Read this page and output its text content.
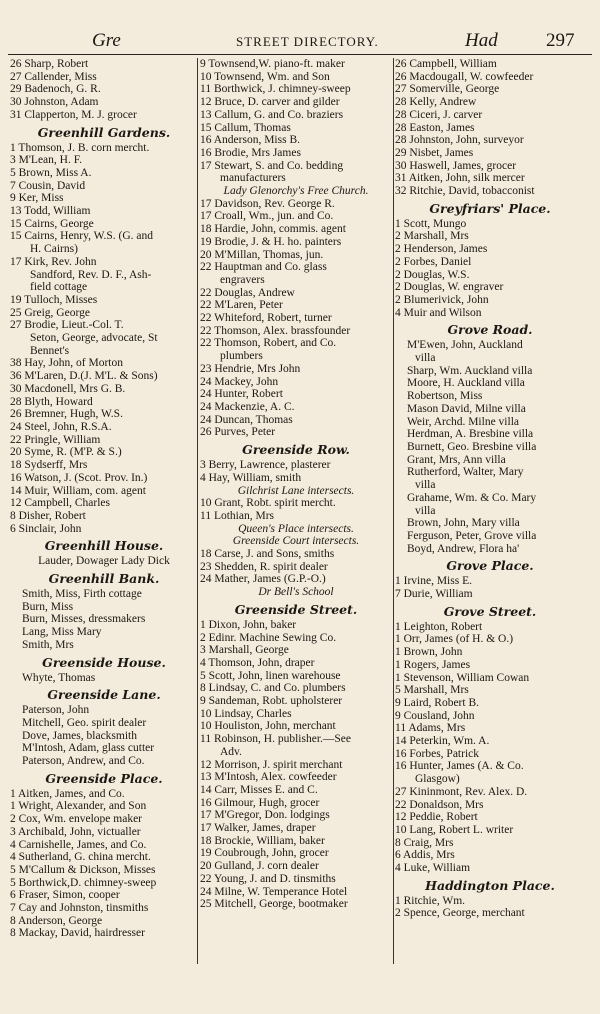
Gre	STREET DIRECTORY.	Had	297
26 Sharp, Robert
27 Callender, Miss
29 Badenoch, G. R.
30 Johnston, Adam
31 Clapperton, M. J. grocer
Greenhill Gardens.
1 Thomson, J. B. corn mercht.
3 M'Lean, H. F.
5 Brown, Miss A.
7 Cousin, David
9 Ker, Miss
13 Todd, William
15 Cairns, George
15 Cairns, Henry, W.S. (G. and
H. Cairns)
17 Kirk, Rev. John
Sandford, Rev. D. F., Ash-
field cottage
19 Tulloch, Misses
25 Greig, George
27 Brodie, Lieut.-Col. T.
Seton, George, advocate, St
Bennet's
38 Hay, John, of Morton
36 M'Laren, D.(J. M'L. & Sons)
30 Macdonell, Mrs G. B.
28 Blyth, Howard
26 Bremner, Hugh, W.S.
24 Steel, John, R.S.A.
22 Pringle, William
20 Syme, R. (M'P. & S.)
18 Sydserff, Mrs
16 Watson, J. (Scot. Prov. In.)
14 Muir, William, com. agent
12 Campbell, Charles
8 Disher, Robert
6 Sinclair, John
Greenhill House.
Lauder, Dowager Lady Dick
Greenhill Bank.
Smith, Miss, Firth cottage
Burn, Miss
Burn, Misses, dressmakers
Lang, Miss Mary
Smith, Mrs
Greenside House.
Whyte, Thomas
Greenside Lane.
Paterson, John
Mitchell, Geo. spirit dealer
Dove, James, blacksmith
M'Intosh, Adam, glass cutter
Paterson, Andrew, and Co.
Greenside Place.
1 Aitken, James, and Co.
1 Wright, Alexander, and Son
2 Cox, Wm. envelope maker
3 Archibald, John, victualler
4 Carnishelle, James, and Co.
4 Sutherland, G. china mercht.
5 M'Callum & Dickson, Misses
5 Borthwick,D. chimney-sweep
6 Fraser, Simon, cooper
7 Cay and Johnston, tinsmiths
8 Anderson, George
8 Mackay, David, hairdresser
9 Townsend,W. piano-ft. maker
10 Townsend, Wm. and Son
11 Borthwick, J. chimney-sweep
12 Bruce, D. carver and gilder
13 Callum, G. and Co. braziers
15 Callum, Thomas
16 Anderson, Miss B.
16 Brodie, Mrs James
17 Stewart, S. and Co. bedding
manufacturers
Lady Glenorchy's Free Church.
17 Davidson, Rev. George R.
17 Croall, Wm., jun. and Co.
18 Hardie, John, commis. agent
19 Brodie, J. & H. ho. painters
20 M'Millan, Thomas, jun.
22 Hauptman and Co. glass
engravers
22 Douglas, Andrew
22 M'Laren, Peter
22 Whiteford, Robert, turner
22 Thomson, Alex. brassfounder
22 Thomson, Robert, and Co.
plumbers
23 Hendrie, Mrs John
24 Mackey, John
24 Hunter, Robert
24 Mackenzie, A. C.
24 Duncan, Thomas
26 Purves, Peter
Greenside Row.
3 Berry, Lawrence, plasterer
4 Hay, William, smith
Gilchrist Lane intersects.
10 Grant, Robt. spirit mercht.
11 Lothian, Mrs
Queen's Place intersects.
Greenside Court intersects.
18 Carse, J. and Sons, smiths
23 Shedden, R. spirit dealer
24 Mather, James (G.P.-O.)
Dr Bell's School
Greenside Street.
1 Dixon, John, baker
2 Edinr. Machine Sewing Co.
3 Marshall, George
4 Thomson, John, draper
5 Scott, John, linen warehouse
8 Lindsay, C. and Co. plumbers
9 Sandeman, Robt. upholsterer
10 Lindsay, Charles
10 Houliston, John, merchant
11 Robinson, H. publisher.—See
Adv.
12 Morrison, J. spirit merchant
13 M'Intosh, Alex. cowfeeder
14 Carr, Misses E. and C.
16 Gilmour, Hugh, grocer
17 M'Gregor, Don. lodgings
17 Walker, James, draper
18 Brockie, William, baker
19 Coubrough, John, grocer
20 Gulland, J. corn dealer
22 Young, J. and D. tinsmiths
24 Milne, W. Temperance Hotel
25 Mitchell, George, bootmaker
26 Campbell, William
26 Macdougall, W. cowfeeder
27 Somerville, George
28 Kelly, Andrew
28 Ciceri, J. carver
28 Easton, James
28 Johnston, John, surveyor
29 Nisbet, James
30 Haswell, James, grocer
31 Aitken, John, silk mercer
32 Ritchie, David, tobacconist
Greyfriars' Place.
1 Scott, Mungo
2 Marshall, Mrs
2 Henderson, James
2 Forbes, Daniel
2 Douglas, W.S.
2 Douglas, W. engraver
2 Blumerivick, John
4 Muir and Wilson
Grove Road.
M'Ewen, John, Auckland
villa
Sharp, Wm. Auckland villa
Moore, H. Auckland villa
Robertson, Miss
Mason David, Milne villa
Weir, Archd. Milne villa
Herdman, A. Bresbine villa
Burnett, Geo. Bresbine villa
Grant, Mrs, Ann villa
Rutherford, Walter, Mary
villa
Grahame, Wm. & Co. Mary
villa
Brown, John, Mary villa
Ferguson, Peter, Grove villa
Boyd, Andrew, Flora ha'
Grove Place.
1 Irvine, Miss E.
7 Durie, William
Grove Street.
1 Leighton, Robert
1 Orr, James (of H. & O.)
1 Brown, John
1 Rogers, James
1 Stevenson, William Cowan
5 Marshall, Mrs
9 Laird, Robert B.
9 Cousland, John
11 Adams, Mrs
14 Peterkin, Wm. A.
16 Forbes, Patrick
16 Hunter, James (A. & Co.
Glasgow)
27 Kininmont, Rev. Alex. D.
22 Donaldson, Mrs
12 Peddie, Robert
10 Lang, Robert L. writer
8 Craig, Mrs
6 Addis, Mrs
4 Luke, William
Haddington Place.
1 Ritchie, Wm.
2 Spence, George, merchant
